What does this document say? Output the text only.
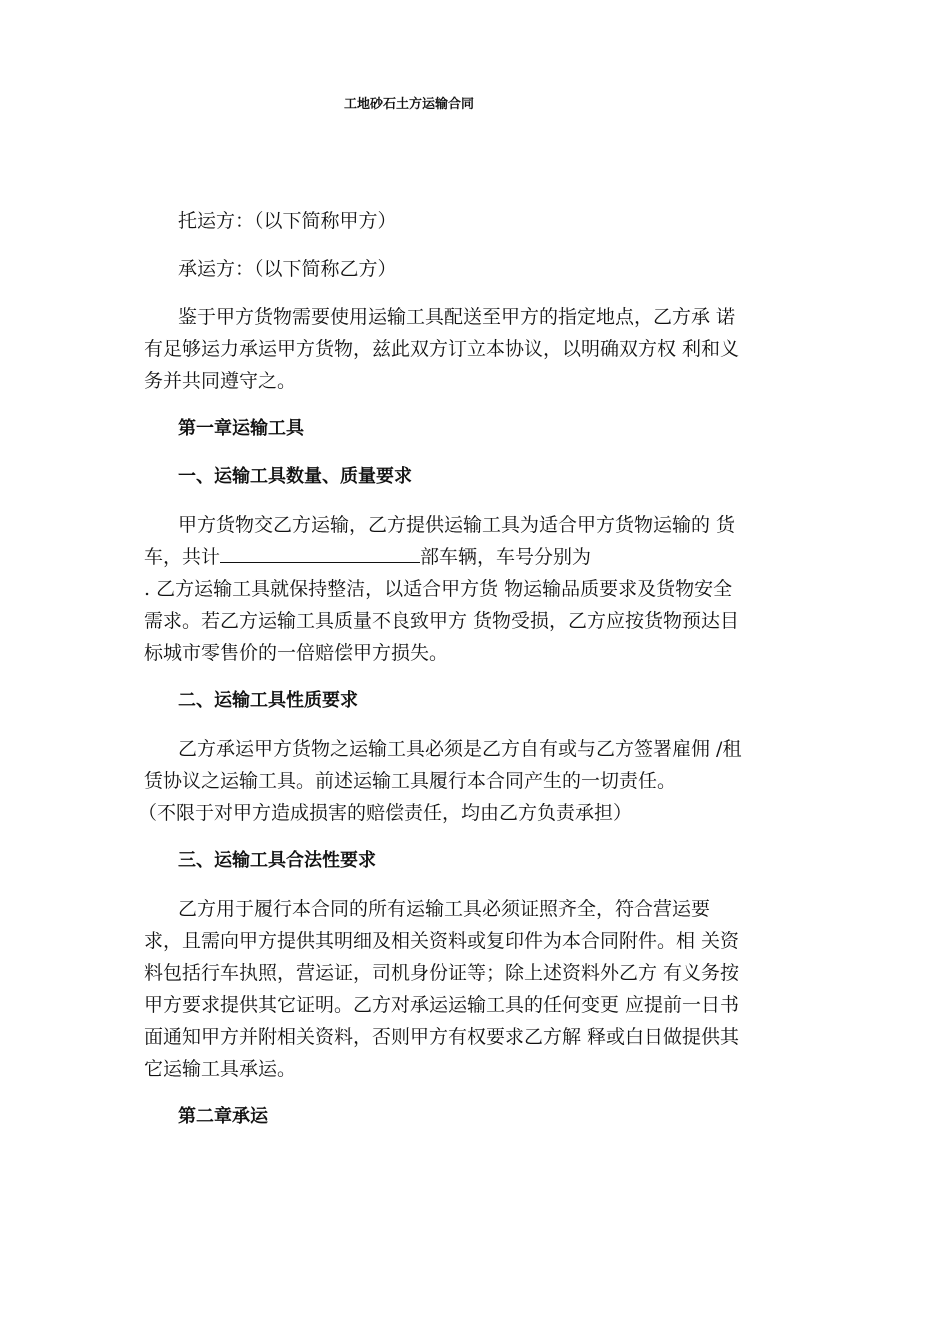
工地砂石土方运输合同

托运方：（以下简称甲方）

承运方：（以下简称乙方）

鉴于甲方货物需要使用运输工具配送至甲方的指定地点，乙方承 诺
有足够运力承运甲方货物，兹此双方订立本协议，以明确双方权 利和义
务并共同遵守之。

第一章运输工具

一、运输工具数量、质量要求

甲方货物交乙方运输，乙方提供运输工具为适合甲方货物运输的 货
车，共计	部车辆，车号分别为
. 乙方运输工具就保持整洁，以适合甲方货 物运输品质要求及货物安全
需求。若乙方运输工具质量不良致甲方 货物受损，乙方应按货物预达目
标城市零售价的一倍赔偿甲方损失。

二、运输工具性质要求

乙方承运甲方货物之运输工具必须是乙方自有或与乙方签署雇佣 /租
赁协议之运输工具。前述运输工具履行本合同产生的一切责任。
（不限于对甲方造成损害的赔偿责任，均由乙方负责承担）

三、运输工具合法性要求

乙方用于履行本合同的所有运输工具必须证照齐全，符合营运要
求，且需向甲方提供其明细及相关资料或复印件为本合同附件。相 关资
料包括行车执照，营运证，司机身份证等；除上述资料外乙方 有义务按
甲方要求提供其它证明。乙方对承运运输工具的任何变更 应提前一日书
面通知甲方并附相关资料，否则甲方有权要求乙方解 释或白日做提供其
它运输工具承运。

第二章承运
